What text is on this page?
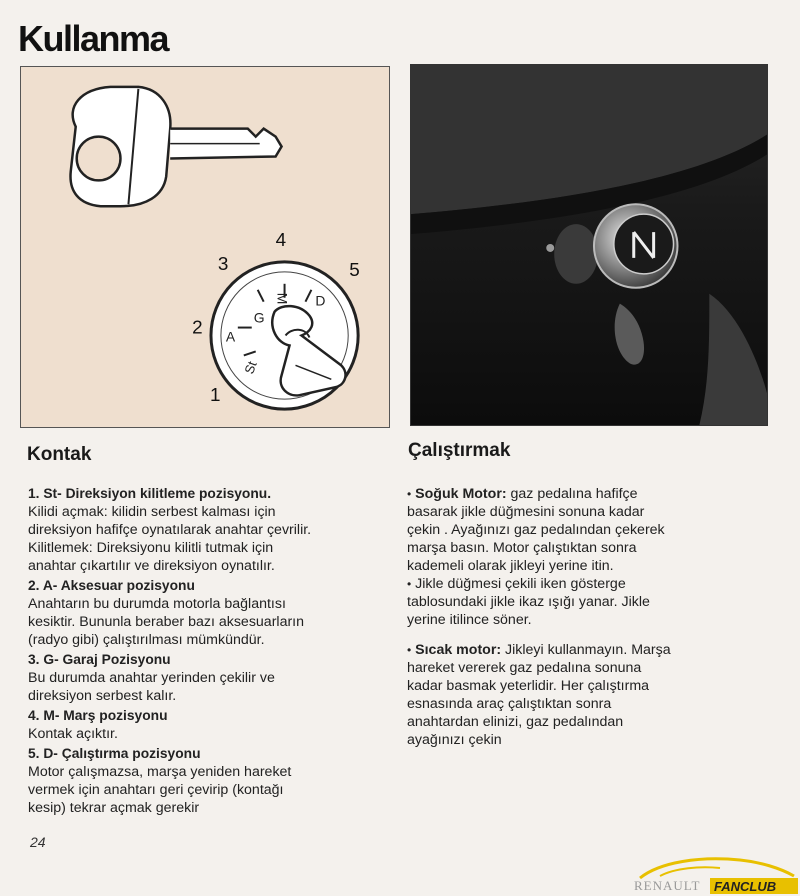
Kullanma
G
M D
A
St
1
2
3
4
5
Kontak	Çalıştırmak
1. St- Direksiyon kilitleme pozisyonu.
Kilidi açmak: kilidin serbest kalması için
direksiyon hafifçe oynatılarak anahtar çevrilir.
Kilitlemek: Direksiyonu kilitli tutmak için
anahtar çıkartılır ve direksiyon oynatılır.
2. A- Aksesuar pozisyonu
Anahtarın bu durumda motorla bağlantısı
kesiktir. Bununla beraber bazı aksesuarların
(radyo gibi) çalıştırılması mümkündür.
3. G- Garaj Pozisyonu
Bu durumda anahtar yerinden çekilir ve
direksiyon serbest kalır.
4. M- Marş pozisyonu
Kontak açıktır.
5. D- Çalıştırma pozisyonu
Motor çalışmazsa, marşa yeniden hareket
vermek için anahtarı geri çevirip (kontağı
kesip) tekrar açmak gerekir
• Soğuk Motor: gaz pedalına hafifçe
basarak jikle düğmesini sonuna kadar
çekin . Ayağınızı gaz pedalından çekerek
marşa basın. Motor çalıştıktan sonra
kademeli olarak jikleyi yerine itin.
• Jikle düğmesi çekili iken gösterge
tablosundaki jikle ikaz ışığı yanar. Jikle
yerine itilince söner.
• Sıcak motor: Jikleyi kullanmayın. Marşa
hareket vererek gaz pedalına sonuna
kadar basmak yeterlidir. Her çalıştırma
esnasında araç çalıştıktan sonra
anahtardan elinizi, gaz pedalından
ayağınızı çekin
24
RENAULT FANCLUB
